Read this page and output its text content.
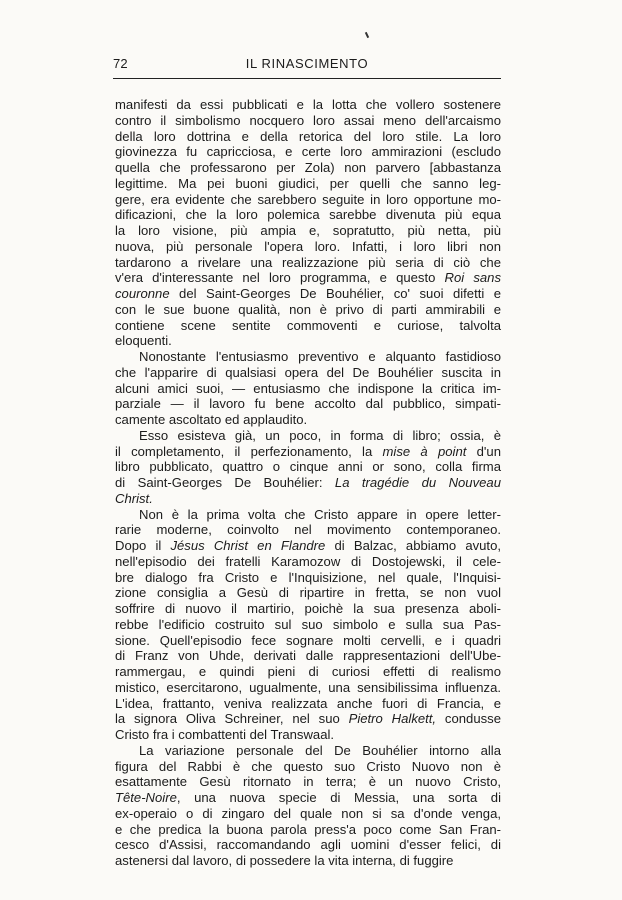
72	IL RINASCIMENTO
manifesti da essi pubblicati e la lotta che vollero sostenere
contro il simbolismo nocquero loro assai meno dell'arcaismo
della loro dottrina e della retorica del loro stile. La loro
giovinezza fu capricciosa, e certe loro ammirazioni (escludo
quella che professarono per Zola) non parvero [abbastanza
legittime. Ma pei buoni giudici, per quelli che sanno leg-
gere, era evidente che sarebbero seguite in loro opportune mo-
dificazioni, che la loro polemica sarebbe divenuta più equa
la loro visione, più ampia e, sopratutto, più netta, più
nuova, più personale l'opera loro. Infatti, i loro libri non
tardarono a rivelare una realizzazione più seria di ciò che
v'era d'interessante nel loro programma, e questo Roi sans
couronne del Saint-Georges De Bouhélier, co' suoi difetti e
con le sue buone qualità, non è privo di parti ammirabili e
contiene scene sentite commoventi e curiose, talvolta
eloquenti.
Nonostante l'entusiasmo preventivo e alquanto fastidioso
che l'apparire di qualsiasi opera del De Bouhélier suscita in
alcuni amici suoi, — entusiasmo che indispone la critica im-
parziale — il lavoro fu bene accolto dal pubblico, simpati-
camente ascoltato ed applaudito.
Esso esisteva già, un poco, in forma di libro; ossia, è
il completamento, il perfezionamento, la mise à point d'un
libro pubblicato, quattro o cinque anni or sono, colla firma
di Saint-Georges De Bouhélier: La tragédie du Nouveau
Christ.
Non è la prima volta che Cristo appare in opere letter-
rarie moderne, coinvolto nel movimento contemporaneo.
Dopo il Jésus Christ en Flandre di Balzac, abbiamo avuto,
nell'episodio dei fratelli Karamozow di Dostojewski, il cele-
bre dialogo fra Cristo e l'Inquisizione, nel quale, l'Inquisi-
zione consiglia a Gesù di ripartire in fretta, se non vuol
soffrire di nuovo il martirio, poichè la sua presenza aboli-
rebbe l'edificio costruito sul suo simbolo e sulla sua Pas-
sione. Quell'episodio fece sognare molti cervelli, e i quadri
di Franz von Uhde, derivati dalle rappresentazioni dell'Ube-
rammergau, e quindi pieni di curiosi effetti di realismo
mistico, esercitarono, ugualmente, una sensibilissima influenza.
L'idea, frattanto, veniva realizzata anche fuori di Francia, e
la signora Oliva Schreiner, nel suo Pietro Halkett, condusse
Cristo fra i combattenti del Transwaal.
La variazione personale del De Bouhélier intorno alla
figura del Rabbi è che questo suo Cristo Nuovo non è
esattamente Gesù ritornato in terra; è un nuovo Cristo,
Tête-Noire, una nuova specie di Messia, una sorta di
ex-operaio o di zingaro del quale non si sa d'onde venga,
e che predica la buona parola press'a poco come San Fran-
cesco d'Assisi, raccomandando agli uomini d'esser felici, di
astenersi dal lavoro, di possedere la vita interna, di fuggire
